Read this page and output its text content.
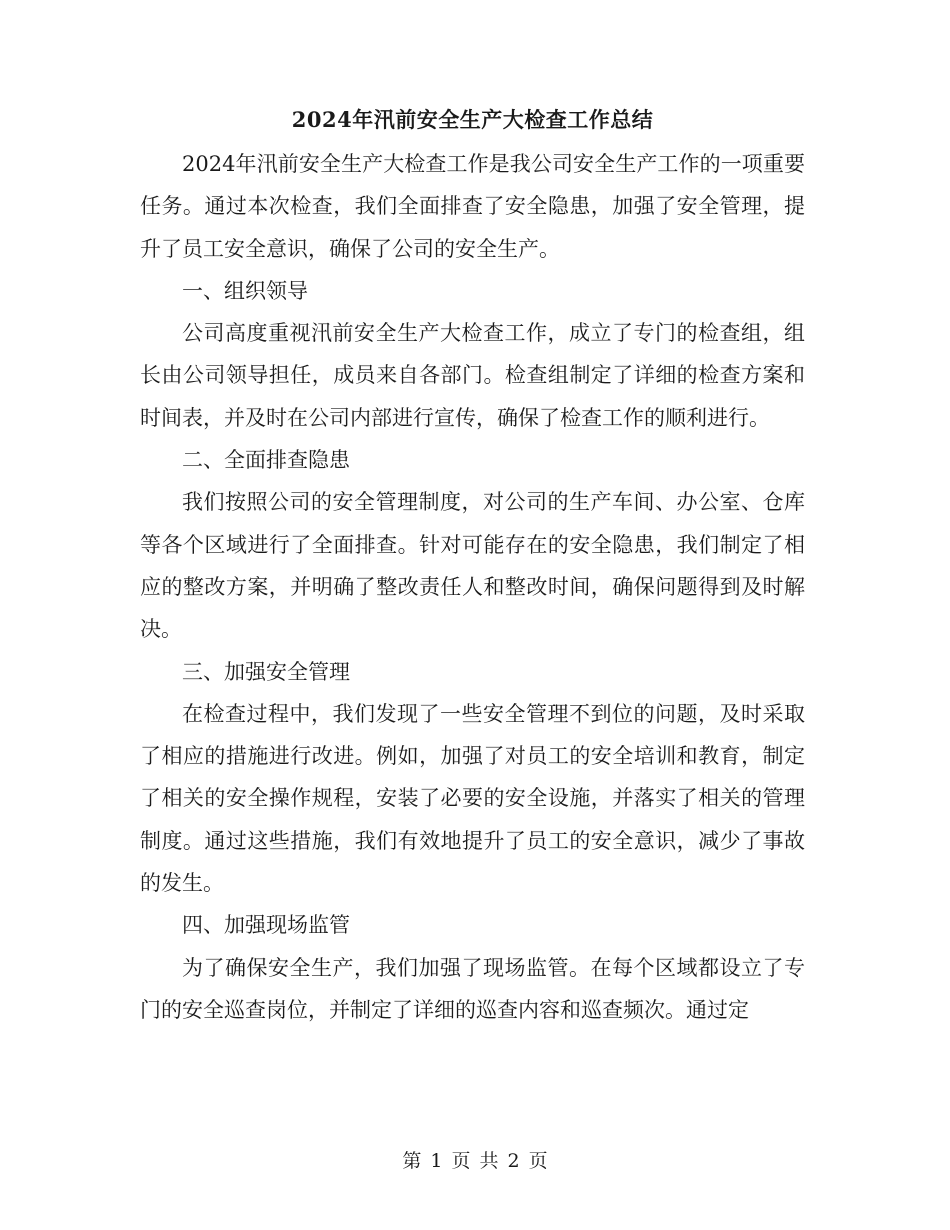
2024年汛前安全生产大检查工作总结

2024年汛前安全生产大检查工作是我公司安全生产工作的一项重要任务。通过本次检查，我们全面排查了安全隐患，加强了安全管理，提升了员工安全意识，确保了公司的安全生产。

一、组织领导

公司高度重视汛前安全生产大检查工作，成立了专门的检查组，组长由公司领导担任，成员来自各部门。检查组制定了详细的检查方案和时间表，并及时在公司内部进行宣传，确保了检查工作的顺利进行。

二、全面排查隐患

我们按照公司的安全管理制度，对公司的生产车间、办公室、仓库等各个区域进行了全面排查。针对可能存在的安全隐患，我们制定了相应的整改方案，并明确了整改责任人和整改时间，确保问题得到及时解决。

三、加强安全管理

在检查过程中，我们发现了一些安全管理不到位的问题，及时采取了相应的措施进行改进。例如，加强了对员工的安全培训和教育，制定了相关的安全操作规程，安装了必要的安全设施，并落实了相关的管理制度。通过这些措施，我们有效地提升了员工的安全意识，减少了事故的发生。

四、加强现场监管

为了确保安全生产，我们加强了现场监管。在每个区域都设立了专门的安全巡查岗位，并制定了详细的巡查内容和巡查频次。通过定

第 1 页 共 2 页
